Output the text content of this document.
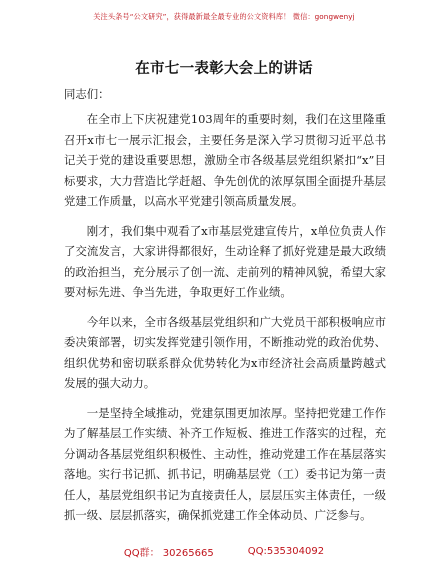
关注头条号“公文研究”，获得最新最全最专业的公文资料库！ 微信：gongwenyj
在市七一表彰大会上的讲话
同志们：

在全市上下庆祝建党103周年的重要时刻，我们在这里隆重召开x市七一展示汇报会，主要任务是深入学习贯彻习近平总书记关于党的建设重要思想，激励全市各级基层党组织紧扣“x”目标要求，大力营造比学赶超、争先创优的浓厚氛围全面提升基层党建工作质量，以高水平党建引领高质量发展。

刚才，我们集中观看了x市基层党建宣传片，x单位负责人作了交流发言，大家讲得都很好，生动诠释了抓好党建是最大政绩的政治担当，充分展示了创一流、走前列的精神风貌，希望大家要对标先进、争当先进，争取更好工作业绩。

今年以来，全市各级基层党组织和广大党员干部积极响应市委决策部署，切实发挥党建引领作用，不断推动党的政治优势、组织优势和密切联系群众优势转化为x市经济社会高质量跨越式发展的强大动力。

一是坚持全域推动，党建氛围更加浓厚。坚持把党建工作作为了解基层工作实绩、补齐工作短板、推进工作落实的过程，充分调动各基层党组织积极性、主动性，推动党建工作在基层落实落地。实行书记抓、抓书记，明确基层党（工）委书记为第一责任人，基层党组织书记为直接责任人，层层压实主体责任，一级抓一级、层层抓落实，确保抓党建工作全体动员、广泛参与。

QQ群： 30265665	QQ:535304092
